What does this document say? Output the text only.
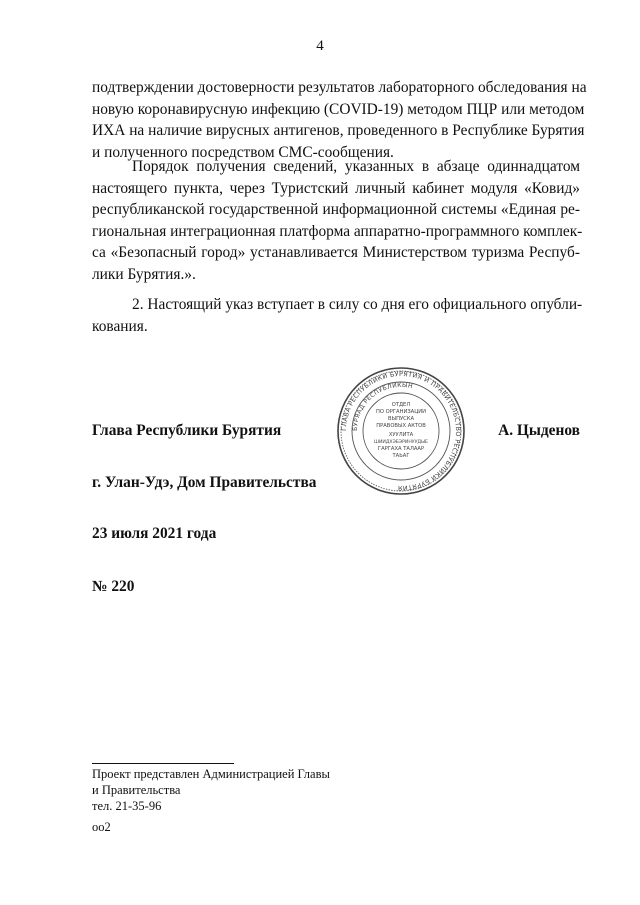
4

подтверждении достоверности результатов лабораторного обследования на
новую коронавирусную инфекцию (COVID-19) методом ПЦР или методом
ИХА на наличие вирусных антигенов, проведенного в Республике Бурятия
и полученного посредством СМС-сообщения.

Порядок получения сведений, указанных в абзаце одиннадцатом
настоящего пункта, через Туристский личный кабинет модуля «Ковид»
республиканской государственной информационной системы «Единая ре-
гиональная интеграционная платформа аппаратно-программного комплек-
са «Безопасный город» устанавливается Министерством туризма Респуб-
лики Бурятия.».

2. Настоящий указ вступает в силу со дня его официального опубли-
кования.

ГЛАВА РЕСПУБЛИКИ БУРЯТИЯ И ПРАВИТЕЛЬСТВО РЕСПУБЛИКИ БУРЯТИЯ
БУРЯАД РЕСПУБЛИКЫН
ОТДЕЛ
ПО ОРГАНИЗАЦИИ
ВЫПУСКА
ПРАВОВЫХ АКТОВ
ХУУЛИТА
ШИИДХЭБЭРИНУУДЫЕ
ГАРГАХА ТАЛААР
ТАЬАГ
Глава Республики Бурятия	А. Цыденов
г. Улан-Удэ, Дом Правительства
23 июля 2021 года
№ 220
Проект представлен Администрацией Главы
и Правительства
тел. 21-35-96
оо2
